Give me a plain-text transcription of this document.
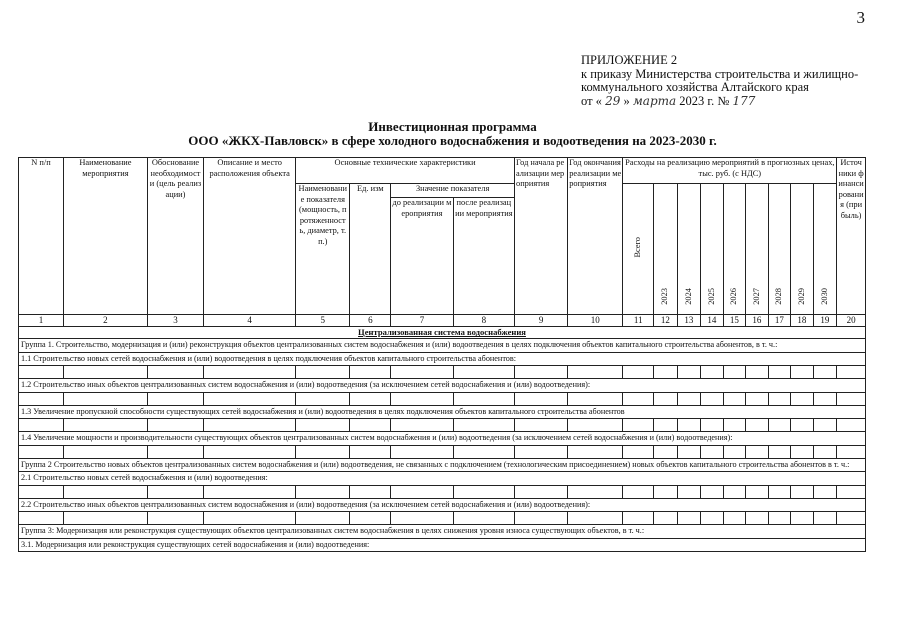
3
ПРИЛОЖЕНИЕ 2
к приказу Министерства строительства и жилищно-
коммунального хозяйства Алтайского края
от « 29 » марта 2023 г. № 177
Инвестиционная программа
ООО «ЖКХ-Павловск» в сфере холодного водоснабжения и водоотведения на 2023-2030 г.
N п/п	Наименование мероприятия	Обоснование необходимости (цель реализации)	Описание и место расположения объекта	Основные технические характеристики				Год начала реализации мероприятия	Год окончания реализации мероприятия	Расходы на реализацию мероприятий в прогнозных ценах, тыс. руб. (с НДС)									Источники финансирования (прибыль)
				Наименование показателя (мощность, протяженность, диаметр, т.п.)	Ед. изм	Значение показателя				Всего	2023	2024	2025	2026	2027	2028	2029	2030	
						до реализации мероприятия	после реализации мероприятия												
1	2	3	4	5	6	7	8	9	10	11	12	13	14	15	16	17	18	19	20
Централизованная система водоснабжения																			
Группа 1. Строительство, модернизация и (или) реконструкция объектов централизованных систем водоснабжения и (или) водоотведения в целях подключения объектов капитального строительства абонентов, в т. ч.:																			
1.1 Строительство новых сетей водоснабжения и (или) водоотведения в целях подключения объектов капитального строительства абонентов:																			

1.2 Строительство иных объектов централизованных систем водоснабжения и (или) водоотведения (за исключением сетей водоснабжения и (или) водоотведения):																			

1.3 Увеличение пропускной способности существующих сетей водоснабжения и (или) водоотведения в целях подключения объектов капитального строительства абонентов																			

1.4 Увеличение мощности и производительности существующих объектов централизованных систем водоснабжения и (или) водоотведения (за исключением сетей водоснабжения и (или) водоотведения):																			

Группа 2 Строительство новых объектов централизованных систем водоснабжения и (или) водоотведения, не связанных с подключением (технологическим присоединением) новых объектов капитального строительства абонентов в т. ч.:																			
2.1 Строительство новых сетей водоснабжения и (или) водоотведения:																			

2.2 Строительство иных объектов централизованных систем водоснабжения и (или) водоотведения (за исключением сетей водоснабжения и (или) водоотведения):																			

Группа 3: Модернизация или реконструкция существующих объектов централизованных систем водоснабжения в целях снижения уровня износа существующих объектов, в т. ч.:																			
3.1. Модернизация или реконструкция существующих сетей водоснабжения и (или) водоотведения:																			
